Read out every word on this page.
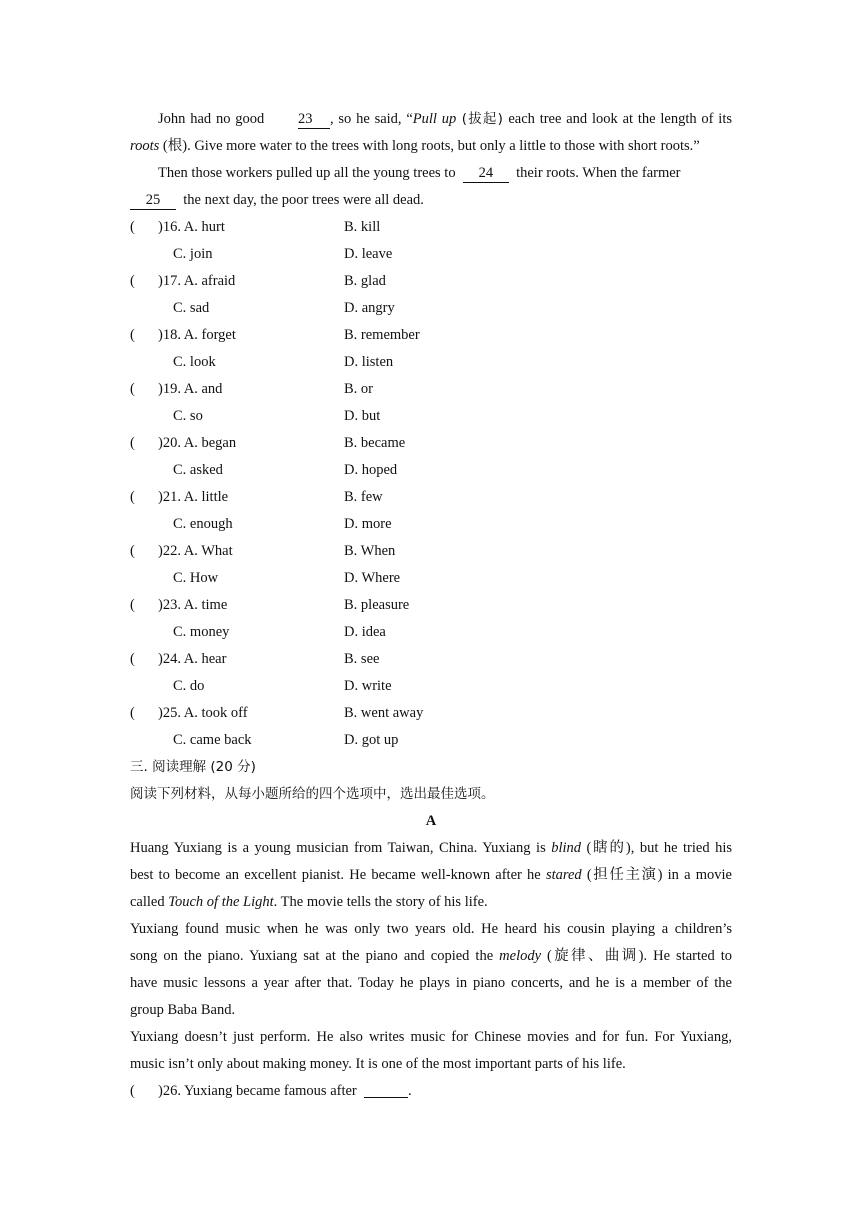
John had no good 23 , so he said, “Pull up (拔起) each tree and look at the length of its
roots (根). Give more water to the trees with long roots, but only a little to those with short roots.”
Then those workers pulled up all the young trees to 24 their roots. When the farmer
25 the next day, the poor trees were all dead.
( )16. A. hurt	B. kill
C. join	D. leave
( )17. A. afraid	B. glad
C. sad	D. angry
( )18. A. forget	B. remember
C. look	D. listen
( )19. A. and	B. or
C. so	D. but
( )20. A. began	B. became
C. asked	D. hoped
( )21. A. little	B. few
C. enough	D. more
( )22. A. What	B. When
C. How	D. Where
( )23. A. time	B. pleasure
C. money	D. idea
( )24. A. hear	B. see
C. do	D. write
( )25. A. took off	B. went away
C. came back	D. got up
三. 阅读理解 (20 分)
阅读下列材料，从每小题所给的四个选项中，选出最佳选项。
A
Huang Yuxiang is a young musician from Taiwan, China. Yuxiang is blind (瞎的), but he tried his
best to become an excellent pianist. He became well-known after he stared (担任主演) in a movie
called Touch of the Light. The movie tells the story of his life.
Yuxiang found music when he was only two years old. He heard his cousin playing a children’s
song on the piano. Yuxiang sat at the piano and copied the melody (旋律、曲调). He started to
have music lessons a year after that. Today he plays in piano concerts, and he is a member of the
group Baba Band.
Yuxiang doesn’t just perform. He also writes music for Chinese movies and for fun. For Yuxiang,
music isn’t only about making money. It is one of the most important parts of his life.
( )26. Yuxiang became famous after	.
